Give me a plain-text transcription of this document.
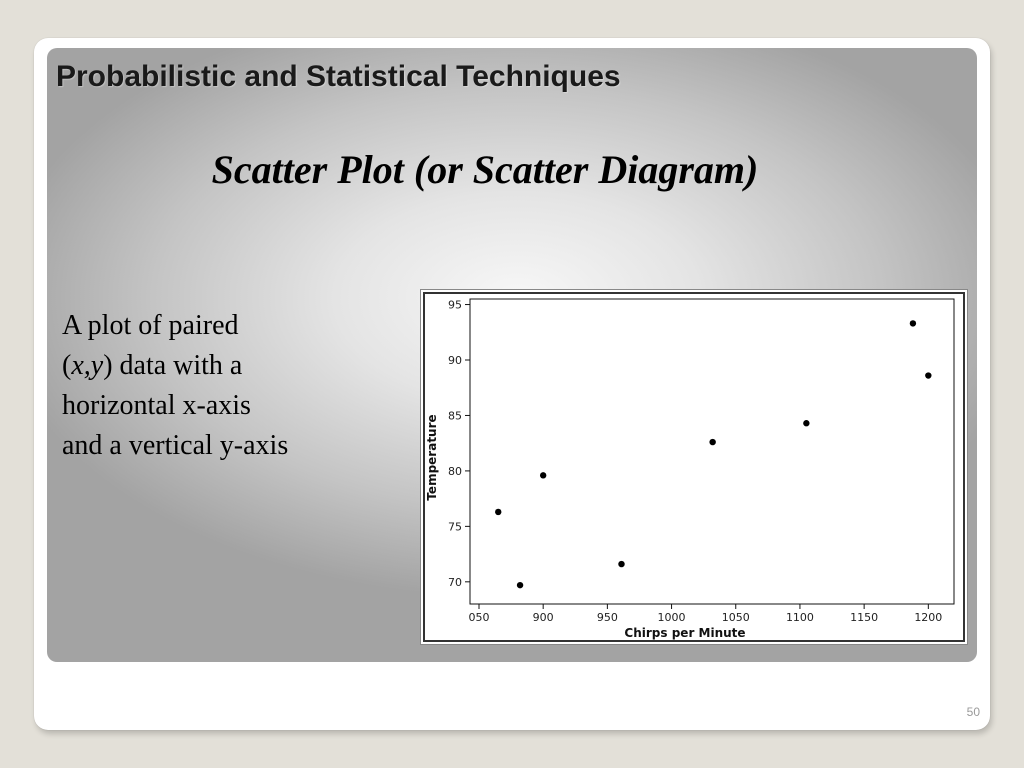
Probabilistic and Statistical Techniques
Scatter Plot (or Scatter Diagram)
A plot of paired
(x,y) data with a
horizontal x-axis
and a vertical y-axis
050	900	950	1000	1050	1100	1150	1200
70
75
80
85
90
95
Chirps per Minute
Temperature
50
